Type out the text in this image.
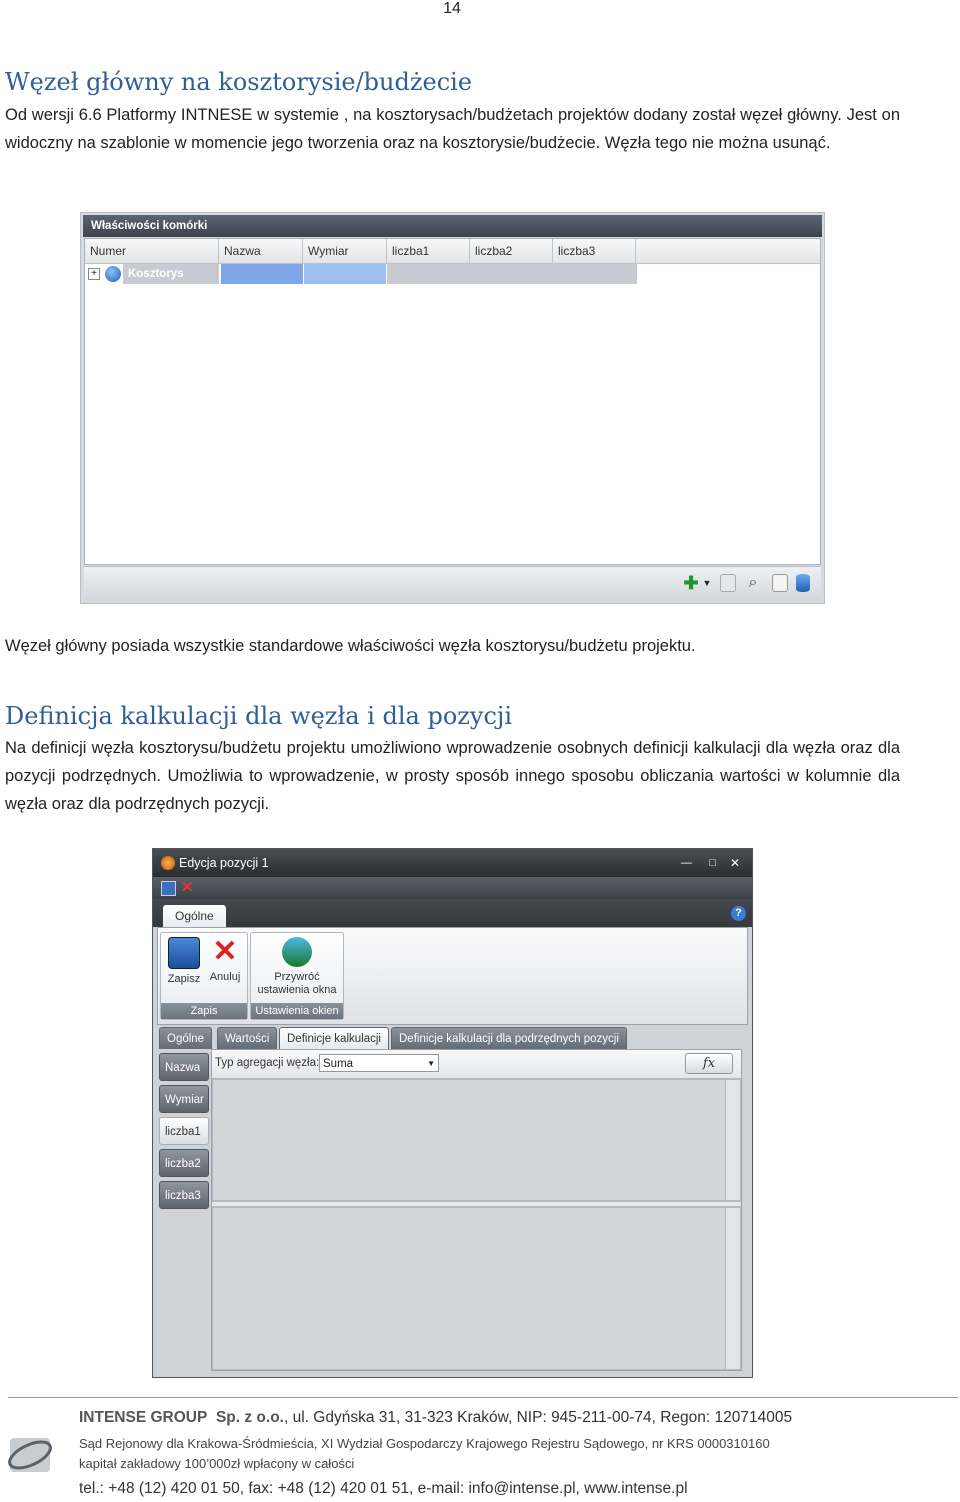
14
Węzeł główny na kosztorysie/budżecie

Od wersji 6.6 Platformy INTNESE w systemie , na kosztorysach/budżetach projektów dodany został węzeł główny. Jest on widoczny na szablonie w momencie jego tworzenia oraz na kosztorysie/budżecie. Węzła tego nie można usunąć.

Właściwości komórki
Numer	Nazwa	Wymiar	liczba1	liczba2	liczba3
+	Kosztorys
✚ ▼ ⌕

Węzeł główny posiada wszystkie standardowe właściwości węzła kosztorysu/budżetu projektu.

Definicja kalkulacji dla węzła i dla pozycji

Na definicji węzła kosztorysu/budżetu projektu umożliwiono wprowadzenie osobnych definicji kalkulacji dla węzła oraz dla pozycji podrzędnych. Umożliwia to wprowadzenie, w prosty sposób innego sposobu obliczania wartości w kolumnie dla węzła oraz dla podrzędnych pozycji.

Edycja pozycji 1	— □ ✕
✕
Ogólne	?
Zapisz
✕
Anuluj
Zapis
Przywróć ustawienia okna
Ustawienia okien
Ogólne	Wartości	Definicje kalkulacji	Definicje kalkulacji dla podrzędnych pozycji
Nazwa
Wymiar
liczba1
liczba2
liczba3
Typ agregacji węzła: Suma	▼	fx
INTENSE GROUP Sp. z o.o., ul. Gdyńska 31, 31-323 Kraków, NIP: 945-211-00-74, Regon: 120714005
Sąd Rejonowy dla Krakowa-Śródmieścia, XI Wydział Gospodarczy Krajowego Rejestru Sądowego, nr KRS 0000310160
kapitał zakładowy 100’000zł wpłacony w całości
tel.: +48 (12) 420 01 50, fax: +48 (12) 420 01 51, e-mail: info@intense.pl, www.intense.pl
